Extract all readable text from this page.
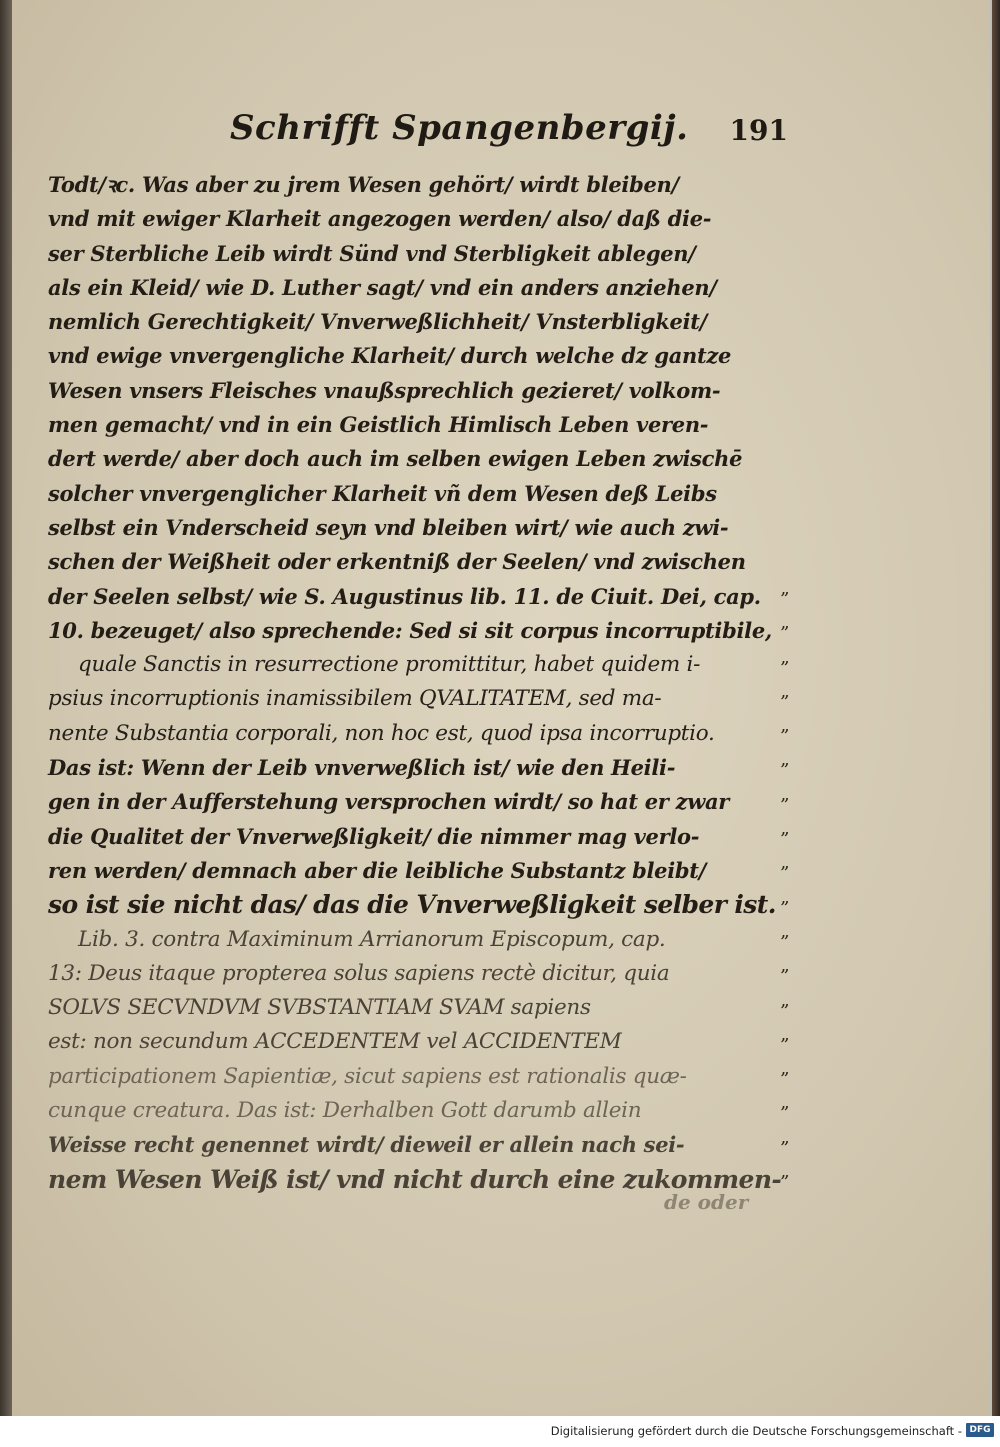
Schrifft Spangenbergij. 191
Todt/ꝛc. Was aber zu jrem Wesen gehört/ wirdt bleiben/
vnd mit ewiger Klarheit angezogen werden/ also/ daß die-
ser Sterbliche Leib wirdt Sünd vnd Sterbligkeit ablegen/
als ein Kleid/ wie D. Luther sagt/ vnd ein anders anziehen/
nemlich Gerechtigkeit/ Vnverweßlichheit/ Vnsterbligkeit/
vnd ewige vnvergengliche Klarheit/ durch welche dz gantze
Wesen vnsers Fleisches vnaußsprechlich gezieret/ volkom-
men gemacht/ vnd in ein Geistlich Himlisch Leben veren-
dert werde/ aber doch auch im selben ewigen Leben zwischē
solcher vnvergenglicher Klarheit vñ dem Wesen deß Leibs
selbst ein Vnderscheid seyn vnd bleiben wirt/ wie auch zwi-
schen der Weißheit oder erkentniß der Seelen/ vnd zwischen
der Seelen selbst/ wie S. Augustinus lib. 11. de Ciuit. Dei, cap.
10. bezeuget/ also sprechende: Sed si sit corpus incorruptibile,
quale Sanctis in resurrectione promittitur, habet quidem i-
psius incorruptionis inamissibilem QVALITATEM, sed ma-
nente Substantia corporali, non hoc est, quod ipsa incorruptio.
Das ist: Wenn der Leib vnverweßlich ist/ wie den Heili-
gen in der Aufferstehung versprochen wirdt/ so hat er zwar
die Qualitet der Vnverweßligkeit/ die nimmer mag verlo-
ren werden/ demnach aber die leibliche Substantz bleibt/
so ist sie nicht das/ das die Vnverweßligkeit selber ist.
Lib. 3. contra Maximinum Arrianorum Episcopum, cap.
13: Deus itaque propterea solus sapiens rectè dicitur, quia
SOLVS SECVNDVM SVBSTANTIAM SVAM sapiens
est: non secundum ACCEDENTEM vel ACCIDENTEM
participationem Sapientiæ, sicut sapiens est rationalis quæ-
cunque creatura. Das ist: Derhalben Gott darumb allein
Weisse recht genennet wirdt/ dieweil er allein nach sei-
nem Wesen Weiß ist/ vnd nicht durch eine zukommen-
„
„
„
„
„
„
„
„
„
„
„
„
„
„
„
„
„
„
de oder
Digitalisierung gefördert durch die Deutsche Forschungsgemeinschaft - DFG
